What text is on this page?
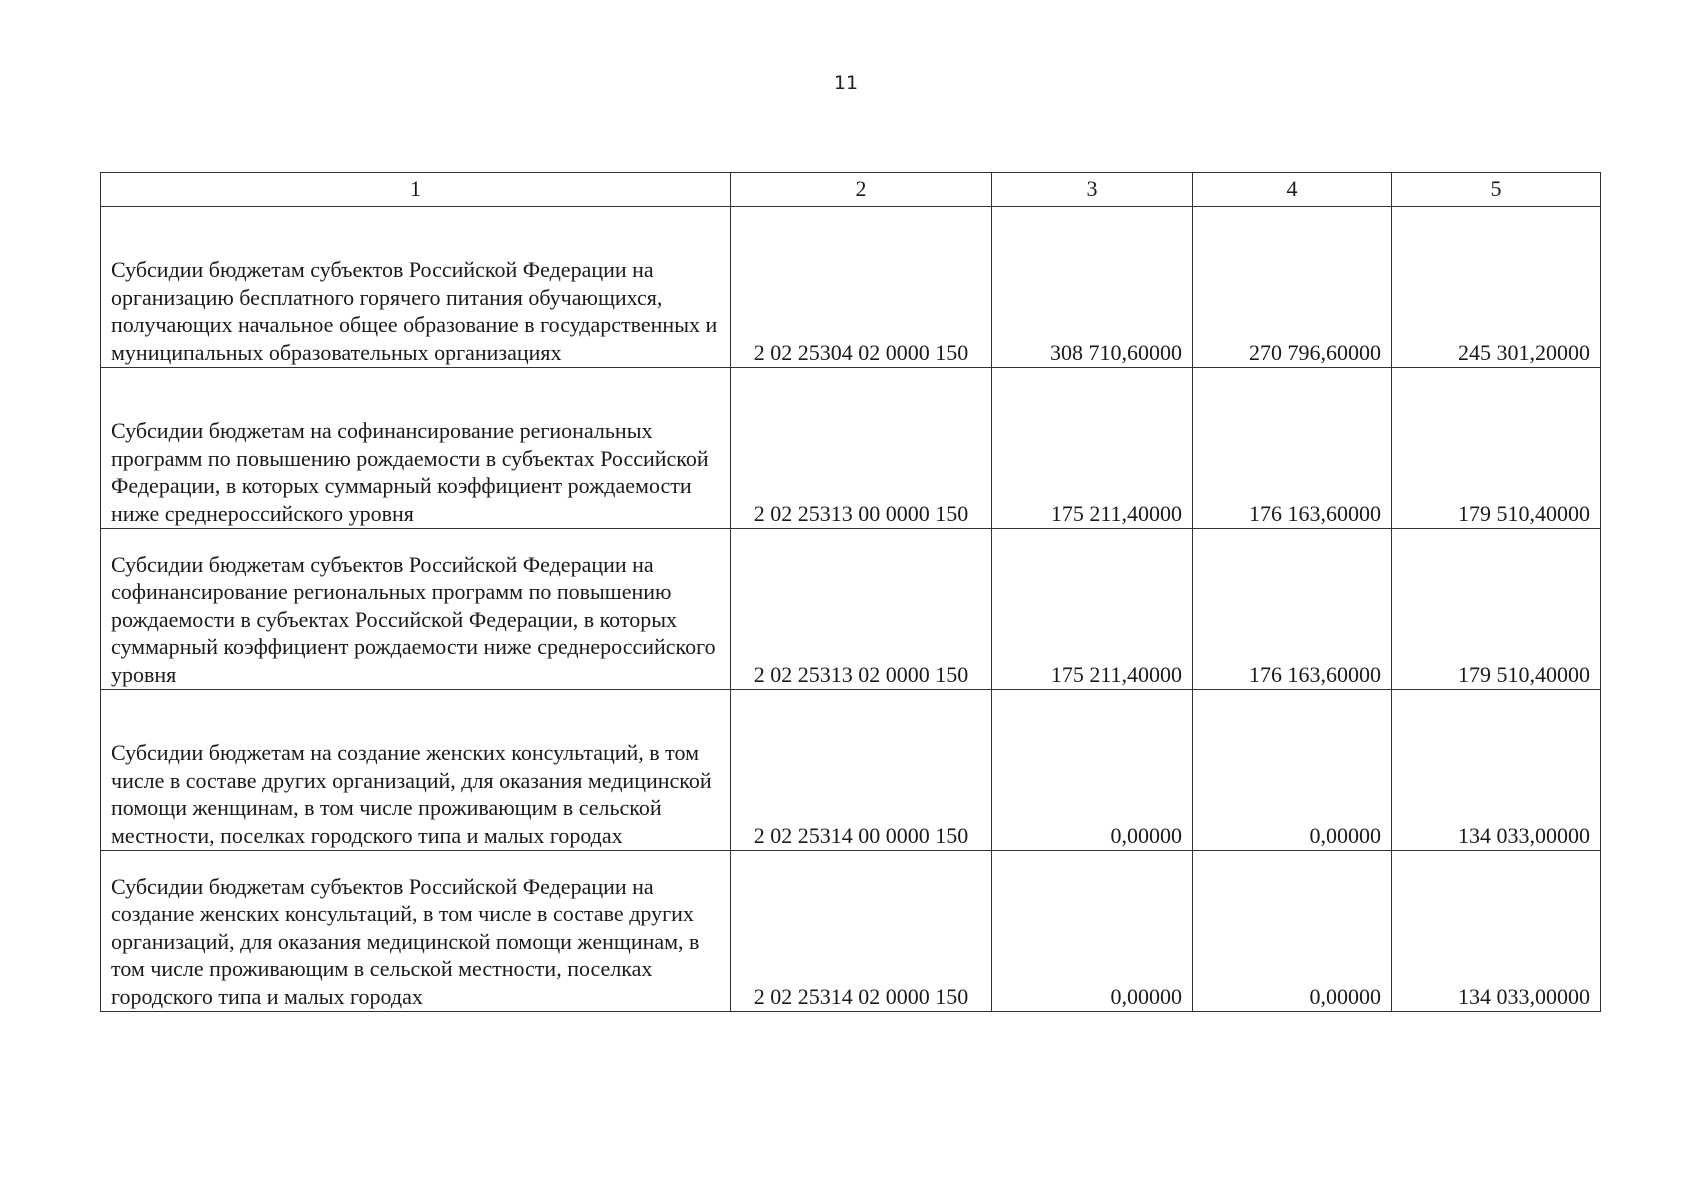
11
1	2	3	4	5
Субсидии бюджетам субъектов Российской Федерации на организацию бесплатного горячего питания обучающихся, получающих начальное общее образование в государственных и муниципальных образовательных организациях	2 02 25304 02 0000 150	308 710,60000	270 796,60000	245 301,20000
Субсидии бюджетам на софинансирование региональных программ по повышению рождаемости в субъектах Российской Федерации, в которых суммарный коэффициент рождаемости ниже среднероссийского уровня	2 02 25313 00 0000 150	175 211,40000	176 163,60000	179 510,40000
Субсидии бюджетам субъектов Российской Федерации на софинансирование региональных программ по повышению рождаемости в субъектах Российской Федерации, в которых суммарный коэффициент рождаемости ниже среднероссийского уровня	2 02 25313 02 0000 150	175 211,40000	176 163,60000	179 510,40000
Субсидии бюджетам на создание женских консультаций, в том числе в составе других организаций, для оказания медицинской помощи женщинам, в том числе проживающим в сельской местности, поселках городского типа и малых городах	2 02 25314 00 0000 150	0,00000	0,00000	134 033,00000
Субсидии бюджетам субъектов Российской Федерации на создание женских консультаций, в том числе в составе других организаций, для оказания медицинской помощи женщинам, в том числе проживающим в сельской местности, поселках городского типа и малых городах	2 02 25314 02 0000 150	0,00000	0,00000	134 033,00000
